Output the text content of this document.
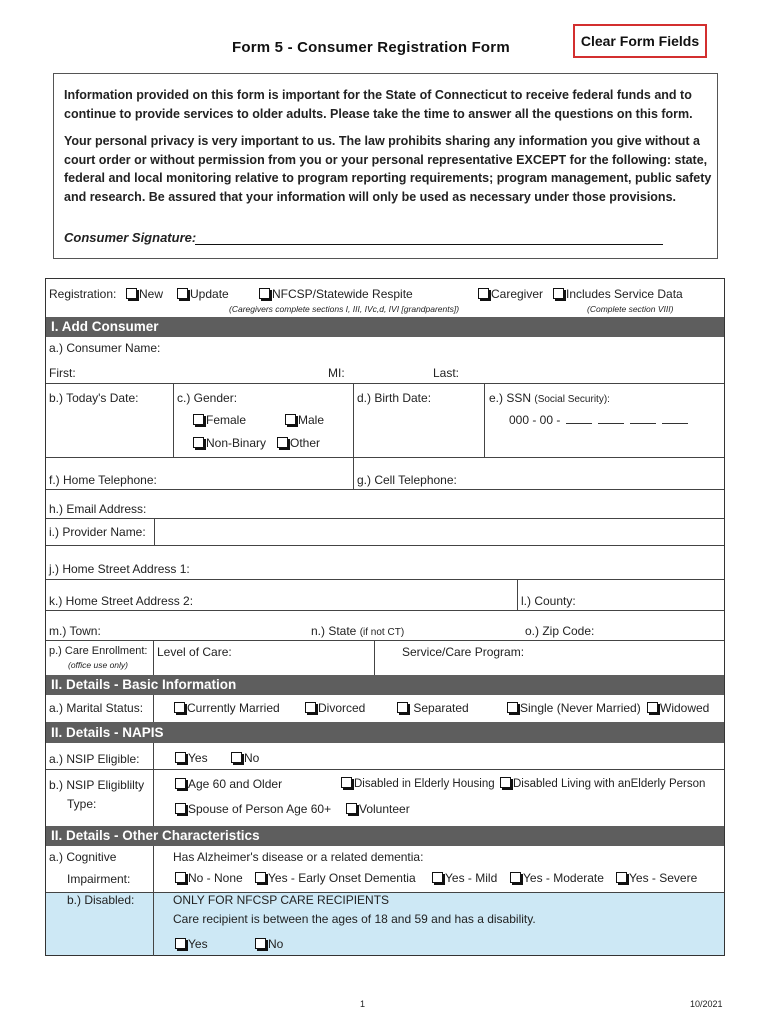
Form 5 - Consumer Registration Form	Clear Form Fields
Information provided on this form is important for the State of Connecticut to receive federal funds and to
continue to provide services to older adults. Please take the time to answer all the questions on this form.
Your personal privacy is very important to us. The law prohibits sharing any information you give without a
court order or without permission from you or your personal representative EXCEPT for the following: state,
federal and local monitoring relative to program reporting requirements; program management, public safety
and research. Be assured that your information will only be used as necessary under those provisions.
Consumer Signature:
Registration:	New	Update	NFCSP/Statewide Respite	Caregiver	Includes Service Data
(Caregivers complete sections I, III, IVc,d, IVI [grandparents])	(Complete section VIII)
I. Add Consumer
a.) Consumer Name:
First:	MI:	Last:
b.) Today's Date:	c.) Gender:
Female	Male
Non-Binary	Other
d.) Birth Date:	e.) SSN (Social Security):
000 - 00 -
f.) Home Telephone:	g.) Cell Telephone:
h.) Email Address:
i.) Provider Name:
j.) Home Street Address 1:
k.) Home Street Address 2:	l.) County:
m.) Town:	n.) State (if not CT)	o.) Zip Code:
p.) Care Enrollment:
(office use only)
Level of Care:	Service/Care Program:
II. Details - Basic Information
a.) Marital Status:	Currently Married	Divorced	Separated	Single (Never Married)	Widowed
II. Details - NAPIS
a.) NSIP Eligible:	Yes	No
b.) NSIP Eligiblilty
Type:
Age 60 and Older	Disabled in Elderly Housing	Disabled Living with anElderly Person
Spouse of Person Age 60+	Volunteer
II. Details - Other Characteristics
a.) Cognitive
Impairment:
Has Alzheimer's disease or a related dementia:
No - None	Yes - Early Onset Dementia	Yes - Mild	Yes - Moderate	Yes - Severe
b.) Disabled:	ONLY FOR NFCSP CARE RECIPIENTS
Care recipient is between the ages of 18 and 59 and has a disability.
Yes	No
1	10/2021
